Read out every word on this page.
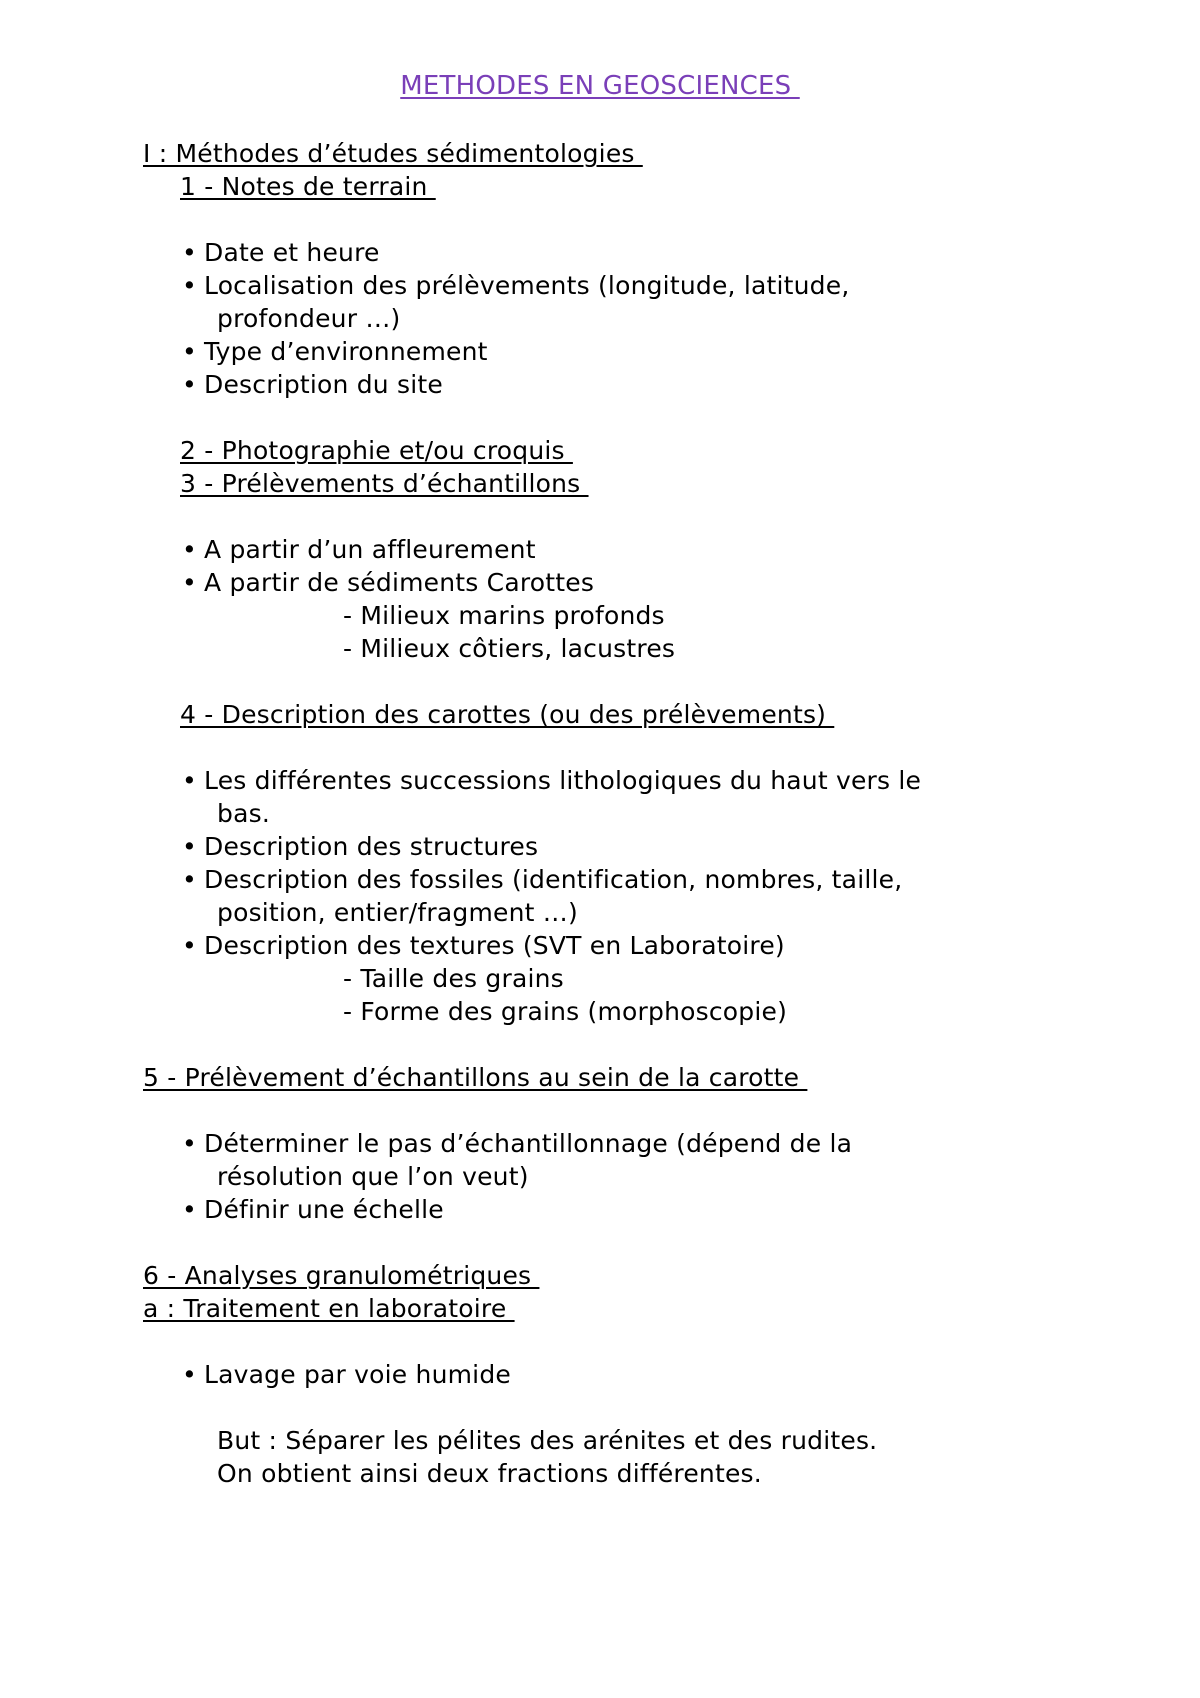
METHODES EN GEOSCIENCES
I : Méthodes d’études sédimentologies
1 - Notes de terrain
• Date et heure
• Localisation des prélèvements (longitude, latitude,
profondeur …)
• Type d’environnement
• Description du site
2 - Photographie et/ou croquis
3 - Prélèvements d’échantillons
• A partir d’un affleurement
• A partir de sédiments Carottes
- Milieux marins profonds
- Milieux côtiers, lacustres
4 - Description des carottes (ou des prélèvements)
• Les différentes successions lithologiques du haut vers le
bas.
• Description des structures
• Description des fossiles (identification, nombres, taille,
position, entier/fragment …)
• Description des textures (SVT en Laboratoire)
- Taille des grains
- Forme des grains (morphoscopie)
5 - Prélèvement d’échantillons au sein de la carotte
• Déterminer le pas d’échantillonnage (dépend de la
résolution que l’on veut)
• Définir une échelle
6 - Analyses granulométriques
a : Traitement en laboratoire
• Lavage par voie humide
But : Séparer les pélites des arénites et des rudites.
On obtient ainsi deux fractions différentes.
